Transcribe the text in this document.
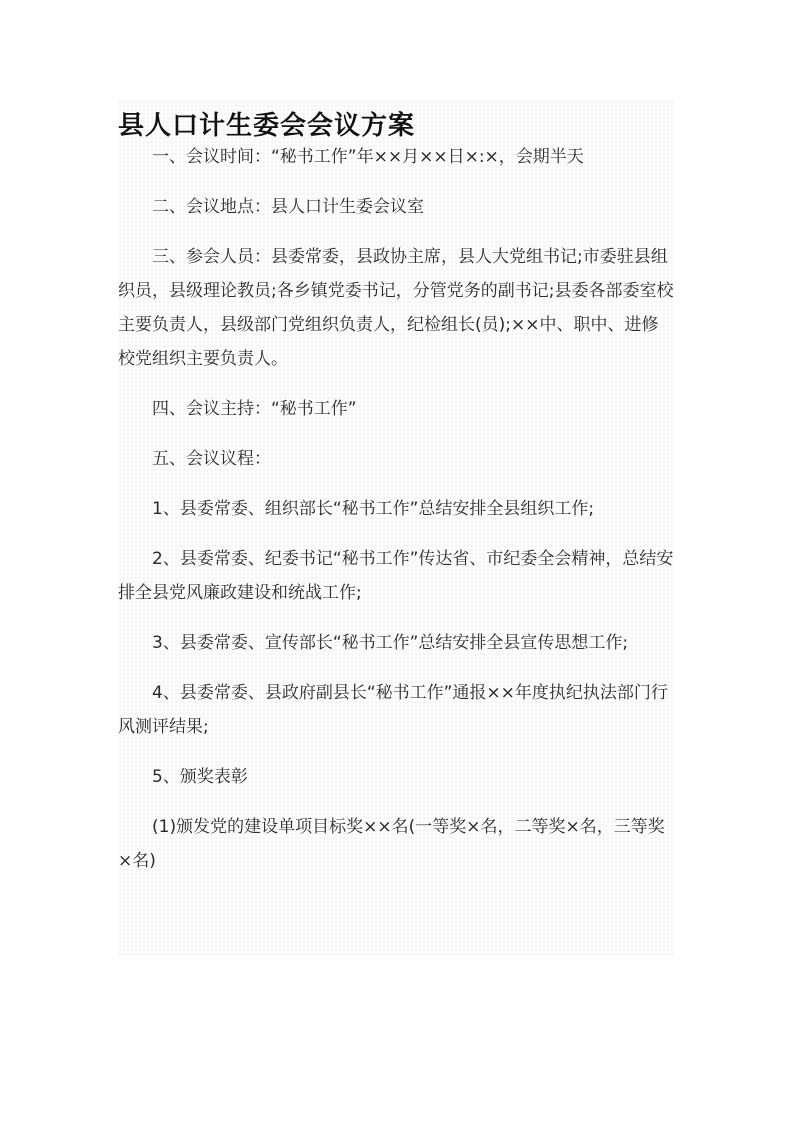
县人口计生委会会议方案

一、会议时间：“秘书工作”年××月××日×:×，会期半天

二、会议地点：县人口计生委会议室

三、参会人员：县委常委，县政协主席，县人大党组书记;市委驻县组织员，县级理论教员;各乡镇党委书记，分管党务的副书记;县委各部委室校主要负责人，县级部门党组织负责人，纪检组长(员);××中、职中、进修校党组织主要负责人。

四、会议主持：“秘书工作”

五、会议议程：

1、县委常委、组织部长“秘书工作”总结安排全县组织工作;

2、县委常委、纪委书记“秘书工作”传达省、市纪委全会精神，总结安排全县党风廉政建设和统战工作;

3、县委常委、宣传部长“秘书工作”总结安排全县宣传思想工作;

4、县委常委、县政府副县长“秘书工作”通报××年度执纪执法部门行风测评结果;

5、颁奖表彰

(1)颁发党的建设单项目标奖××名(一等奖×名，二等奖×名，三等奖×名)
